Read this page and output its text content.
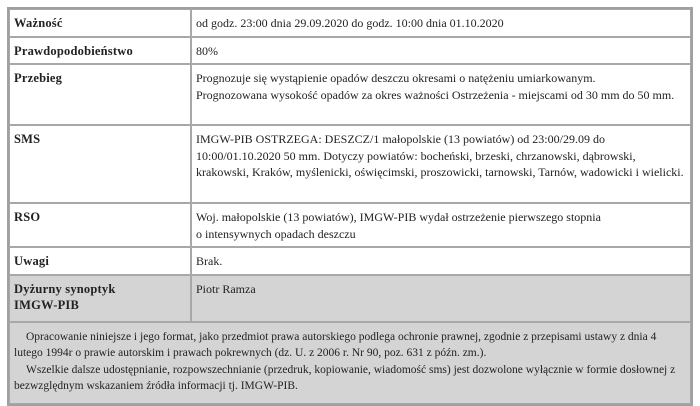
Ważność	od godz. 23:00 dnia 29.09.2020 do godz. 10:00 dnia 01.10.2020
Prawdopodobieństwo	80%
Przebieg	Prognozuje się wystąpienie opadów deszczu okresami o natężeniu umiarkowanym.
Prognozowana wysokość opadów za okres ważności Ostrzeżenia - miejscami od 30 mm do 50 mm.

SMS	IMGW-PIB OSTRZEGA: DESZCZ/1 małopolskie (13 powiatów) od 23:00/29.09 do 10:00/01.10.2020 50 mm. Dotyczy powiatów: bocheński, brzeski, chrzanowski, dąbrowski, krakowski, Kraków, myślenicki, oświęcimski, proszowicki, tarnowski, Tarnów, wadowicki i wielicki.
RSO	Woj. małopolskie (13 powiatów), IMGW-PIB wydał ostrzeżenie pierwszego stopnia
o intensywnych opadach deszczu

Uwagi	Brak.

Dyżurny synoptyk
IMGW-PIB	Piotr Ramza

Opracowanie niniejsze i jego format, jako przedmiot prawa autorskiego podlega ochronie prawnej, zgodnie z przepisami ustawy z dnia 4 lutego 1994r o prawie autorskim i prawach pokrewnych (dz. U. z 2006 r. Nr 90, poz. 631 z późn. zm.).

Wszelkie dalsze udostępnianie, rozpowszechnianie (przedruk, kopiowanie, wiadomość sms) jest dozwolone wyłącznie w formie dosłownej z bezwzględnym wskazaniem źródła informacji tj. IMGW-PIB.	
